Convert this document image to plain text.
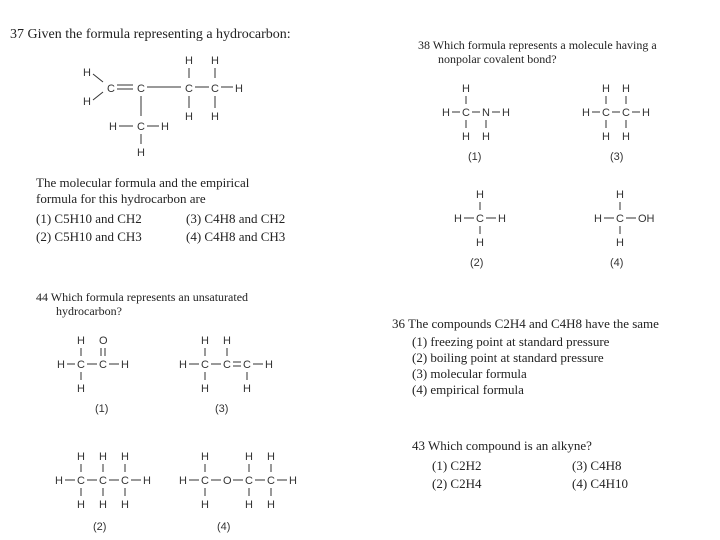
37 Given the formula representing a hydrocarbon:
H H
H
H
C C	C C H
H H
H C H
H
The molecular formula and the empirical
formula for this hydrocarbon are
(1) C5H10 and CH2	(3) C4H8 and CH2
(2) C5H10 and CH3	(4) C4H8 and CH3
38 Which formula represents a molecule having a
nonpolar covalent bond?
H
H C N H
H H
(1)
H H
H C C H
H H
(3)
H
H C H
H
(2)
H
H C OH
H
(4)
44 Which formula represents an unsaturated
hydrocarbon?
H O
H C C H
H
(1)
H H
H C C C H
H	H
(3)
H H H
H C C C H
H H H
(2)
H	H H
H C O C C H
H	H H
(4)
36 The compounds C2H4 and C4H8 have the same
(1) freezing point at standard pressure
(2) boiling point at standard pressure
(3) molecular formula
(4) empirical formula
43 Which compound is an alkyne?
(1) C2H2	(3) C4H8
(2) C2H4	(4) C4H10
